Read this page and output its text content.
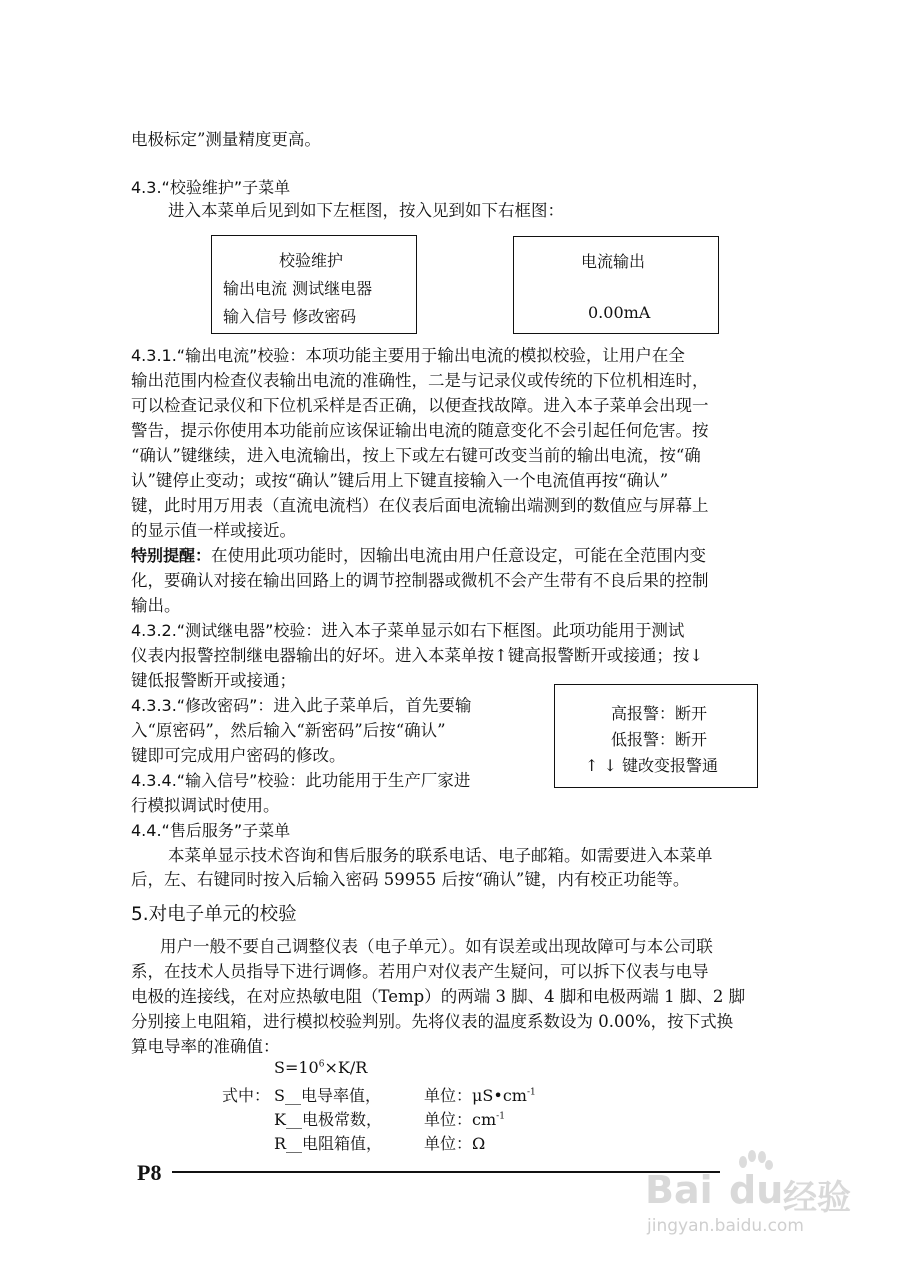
电极标定”测量精度更高。
4.3.“校验维护”子菜单
进入本菜单后见到如下左框图，按入见到如下右框图：
校验维护
输出电流 测试继电器
输入信号 修改密码
电流输出
0.00mA
4.3.1.“输出电流”校验：本项功能主要用于输出电流的模拟校验，让用户在全
输出范围内检查仪表输出电流的准确性，二是与记录仪或传统的下位机相连时，
可以检查记录仪和下位机采样是否正确，以便查找故障。进入本子菜单会出现一
警告，提示你使用本功能前应该保证输出电流的随意变化不会引起任何危害。按
“确认”键继续，进入电流输出，按上下或左右键可改变当前的输出电流，按“确
认”键停止变动；或按“确认”键后用上下键直接输入一个电流值再按“确认”
键，此时用万用表（直流电流档）在仪表后面电流输出端测到的数值应与屏幕上
的显示值一样或接近。
特别提醒：在使用此项功能时，因输出电流由用户任意设定，可能在全范围内变
化，要确认对接在输出回路上的调节控制器或微机不会产生带有不良后果的控制
输出。
4.3.2.“测试继电器”校验：进入本子菜单显示如右下框图。此项功能用于测试
仪表内报警控制继电器输出的好坏。进入本菜单按↑键高报警断开或接通；按↓
键低报警断开或接通；
4.3.3.“修改密码”：进入此子菜单后，首先要输
入“原密码”，然后输入“新密码”后按“确认”
键即可完成用户密码的修改。
4.3.4.“输入信号”校验：此功能用于生产厂家进
行模拟调试时使用。
高报警：断开
低报警：断开
↑ ↓ 键改变报警通
4.4.“售后服务”子菜单
本菜单显示技术咨询和售后服务的联系电话、电子邮箱。如需要进入本菜单
后，左、右键同时按入后输入密码 59955 后按“确认”键，内有校正功能等。
5.对电子单元的校验
用户一般不要自己调整仪表（电子单元）。如有误差或出现故障可与本公司联
系，在技术人员指导下进行调修。若用户对仪表产生疑问，可以拆下仪表与电导
电极的连接线，在对应热敏电阻（Temp）的两端 3 脚、4 脚和电极两端 1 脚、2 脚
分别接上电阻箱，进行模拟校验判别。先将仪表的温度系数设为 0.00%，按下式换
算电导率的准确值：
$S=10^6\times K/R$
式中： S__电导率值，	单位：$\mu S•cm^{-1}$
K__电极常数，	单位：$cm^{-1}$
R__电阻箱值，	单位：Ω
P8	Bai du 经验
jingyan.baidu.com
